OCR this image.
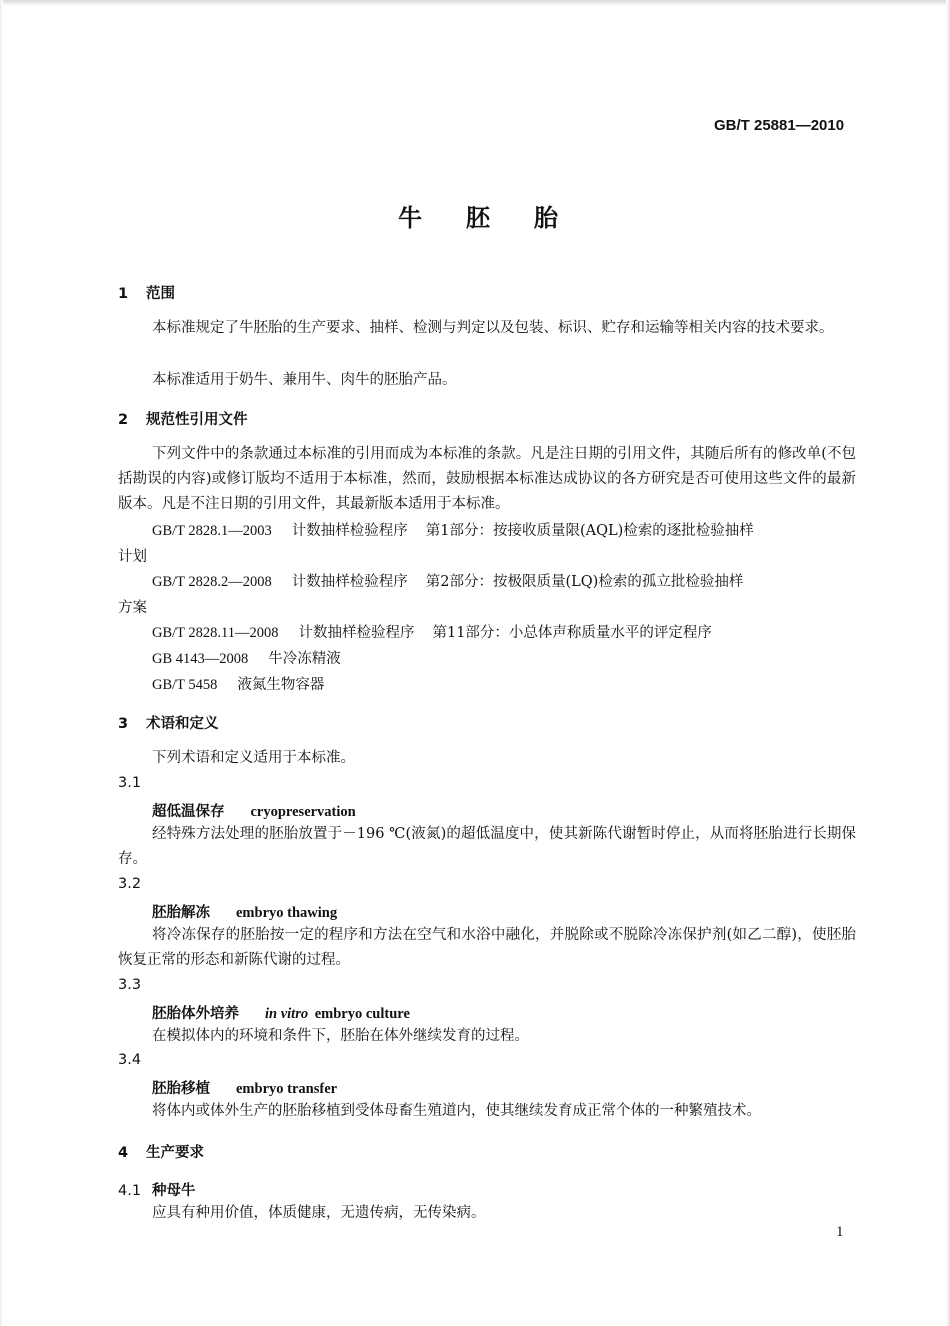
GB/T 25881—2010
牛胚胎
1 范围
本标准规定了牛胚胎的生产要求、抽样、检测与判定以及包装、标识、贮存和运输等相关内容的技术要求。
本标准适用于奶牛、兼用牛、肉牛的胚胎产品。
2 规范性引用文件
下列文件中的条款通过本标准的引用而成为本标准的条款。凡是注日期的引用文件，其随后所有的修改单(不包括勘误的内容)或修订版均不适用于本标准，然而，鼓励根据本标准达成协议的各方研究是否可使用这些文件的最新版本。凡是不注日期的引用文件，其最新版本适用于本标准。
GB/T 2828.1—2003 计数抽样检验程序 第1部分：按接收质量限(AQL)检索的逐批检验抽样
计划
GB/T 2828.2—2008 计数抽样检验程序 第2部分：按极限质量(LQ)检索的孤立批检验抽样
方案
GB/T 2828.11—2008 计数抽样检验程序 第11部分：小总体声称质量水平的评定程序
GB 4143—2008 牛冷冻精液
GB/T 5458 液氮生物容器
3 术语和定义
下列术语和定义适用于本标准。
3.1
超低温保存 cryopreservation
经特殊方法处理的胚胎放置于－196 ℃(液氮)的超低温度中，使其新陈代谢暂时停止，从而将胚胎进行长期保存。
3.2
胚胎解冻 embryo thawing
将冷冻保存的胚胎按一定的程序和方法在空气和水浴中融化，并脱除或不脱除冷冻保护剂(如乙二醇)，使胚胎恢复正常的形态和新陈代谢的过程。
3.3
胚胎体外培养 in vitro embryo culture
在模拟体内的环境和条件下，胚胎在体外继续发育的过程。
3.4
胚胎移植 embryo transfer
将体内或体外生产的胚胎移植到受体母畜生殖道内，使其继续发育成正常个体的一种繁殖技术。
4 生产要求
4.1 种母牛
应具有种用价值，体质健康，无遗传病，无传染病。
1
